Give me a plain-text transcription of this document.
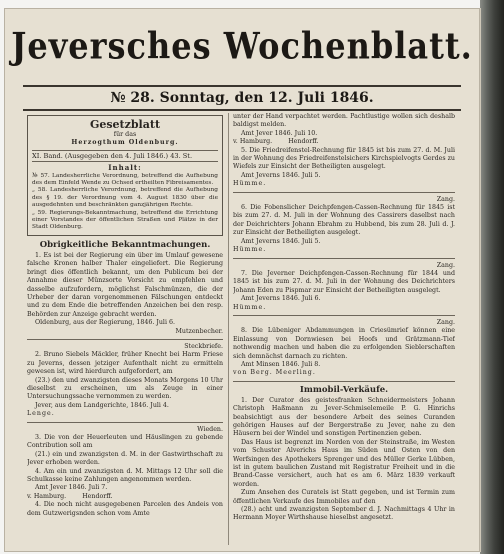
Jeversches Wochenblatt.
№ 28. Sonntag, den 12. Juli 1846.
Gesetzblatt
für das
Herzogthum Oldenburg.
XI. Band. (Ausgegeben den 4. Juli 1846.) 43. St.
Inhalt:

№ 57. Landesherrliche Verordnung, betreffend die Aufhebung des dem Einfeld Wende zu Ochsed ertheilten Fibreisamentes.

„ 58. Landesherrliche Verordnung, betreffend die Aufhebung des § 19. der Verordnung vom 4. August 1830 über die ausgedehnten und beschränkten ganzjährigen Rechte.

„ 59. Regierungs-Bekanntmachung, betreffend die Errichtung einer Vorstandes der öffentlichen Straßen und Plätze in der Stadt Oldenburg.

Obrigkeitliche Bekanntmachungen.

1. Es ist bei der Regierung ein über im Umlauf gewesene falsche Kronen halber Thaler eingeliefert. Die Regierung bringt dies öffentlich bekannt, um den Publicum bei der Annahme dieser Münzsorte Vorsicht zu empfehlen und dasselbe aufzufordern, möglichst Falschmünzen, die der Urheber der daran vorgenommenen Fälschungen entdeckt und zu dem Ende die betreffenden Anzeichen bei den resp. Behörden zur Anzeige gebracht werden.

Oldenburg, aus der Regierung, 1846. Juli 6.

Mutzenbecher.

Steckbriefe.

2. Bruno Siebels Mäckler, früher Knecht bei Harm Friese zu Jeverns, dessen jetziger Aufenthalt nicht zu ermitteln gewesen ist, wird hierdurch aufgefordert, am

(23.) den und zwanzigsten dieses Monats Morgens 10 Uhr dieselbst zu erscheinen, um als Zeuge in einer Untersuchungssache vernommen zu werden.

Jever, aus dem Landgerichte, 1846. Juli 4.

Lenge.

Wieden.

3. Die von der Heuerleuten und Häuslingen zu gebende Contribution soll am

(21.) ein und zwanzigsten d. M. in der Gastwirthschaft zu Jever erhoben werden.

4. Am ein und zwanzigsten d. M. Mittags 12 Uhr soll die Schulkasse keine Zahlungen angenommen werden.

Amt Jever 1846. Juli 7.

v. Hamburg.	Hendorff.

4. Die noch nicht ausgegebenen Parcelen des Andeis von dem Gutzwerigsnden schon vom Amte

unter der Hand verpachtet werden. Pachtlustige wollen sich deshalb baldigst melden.

Amt Jever 1846. Juli 10.

v. Hamburg.	Hendorff.

5. Die Friedreifenstel-Rechnung für 1845 ist bis zum 27. d. M. Juli in der Wohnung des Friedreifenstelsichers Kirchspielvogts Gerdes zu Wiefels zur Einsicht der Betheiligten ausgelegt.

Amt Jeverns 1846. Juli 5.

Hümme.

Zang.

6. Die Fobenslicher Deichpfengen-Cassen-Rechnung für 1845 ist bis zum 27. d. M. Juli in der Wohnung des Cassirers daselbst nach der Deichrichters Johann Ebrahm zu Hubbend, bis zum 28. Juli d. J. zur Einsicht der Betheiligten ausgelegt.

Amt Jeverns 1846. Juli 5.

Hümme.

Zang.

7. Die Jeverner Deichpfengen-Cassen-Rechnung für 1844 und 1845 ist bis zum 27. d. M. Juli in der Wohnung des Deichrichters Johann Eden zu Pispmar zur Einsicht der Betheiligten ausgelegt.

Amt Jeverns 1846. Juli 6.

Hümme.

Zang.

8. Die Lübeniger Abdammungen in Criesümrief können eine Einlassung von Dornwiesen bei Hoofs und Grätzmann-Tief nothwendig machen und haben die zu erfolgenden Sieblerschaften sich demnächst darnach zu richten.

Amt Minsen 1846. Juli 8.

von Berg. Meerling.

Immobil-Verkäufe.

1. Der Curator des geistesfranken Schneidermeisters Johann Christoph Haßmann zu Jever-Schmiselemeile P. G. Hinrichs beabsichtigt aus der besondere Arbeit des seines Curanden gehörigen Hauses auf der Bergerstraße zu Jever, nahe zu den Häusern bei der Windel und sonstigen Pertinenzien geben.

Das Haus ist begrenzt im Norden von der Steinstraße, im Westen vom Schuster Alverichs Haus im Süden und Osten von den Werfsingen des Apothekers Sprenger und des Müller Gerke Lübben, ist in gutem baulichen Zustand mit Registratur Freiheit und in die Brand-Casse versichert, auch hat es am 6. März 1839 verkauft worden.

Zum Ansehen des Curatels ist Statt gegeben, und ist Termin zum öffentlichen Verkaufe des Immobiles auf den

(28.) acht und zwanzigsten September d. J. Nachmittags 4 Uhr in Hermann Moyer Wirthshause hieselbst angesetzt.
